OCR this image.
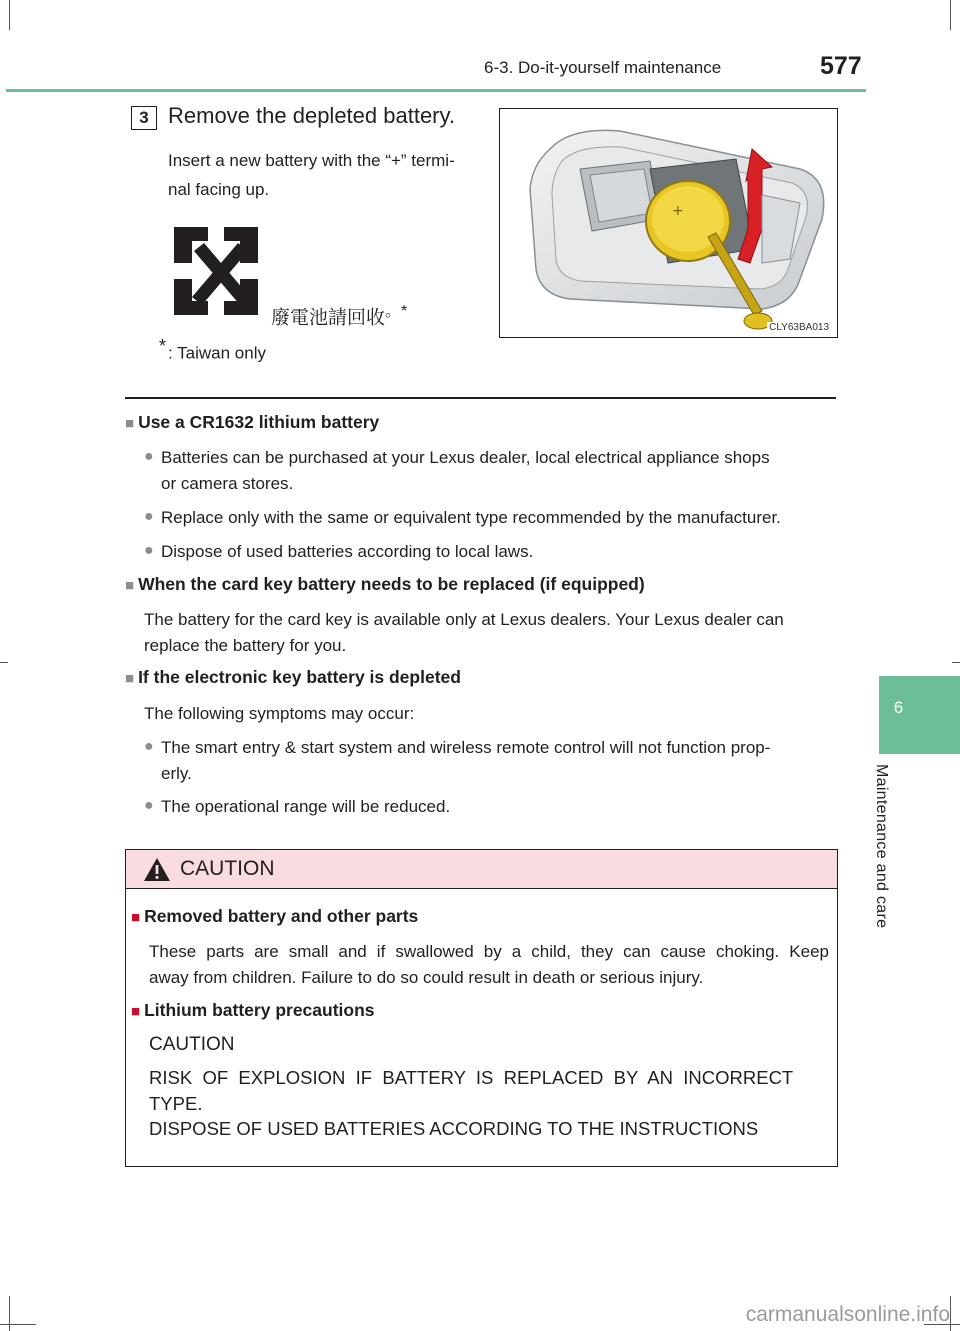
6-3. Do-it-yourself maintenance	577
6
Maintenance and care
3 Remove the depleted battery.
Insert a new battery with the “+” termi-
nal facing up.
廢電池請回收。*
* : Taiwan only
+
CLY63BA013
■ Use a CR1632 lithium battery
● Batteries can be purchased at your Lexus dealer, local electrical appliance shops
or camera stores.
● Replace only with the same or equivalent type recommended by the manufacturer.
● Dispose of used batteries according to local laws.
■ When the card key battery needs to be replaced (if equipped)
The battery for the card key is available only at Lexus dealers. Your Lexus dealer can
replace the battery for you.
■ If the electronic key battery is depleted
The following symptoms may occur:
● The smart entry & start system and wireless remote control will not function prop-
erly.
● The operational range will be reduced.
CAUTION
■ Removed battery and other parts
These parts are small and if swallowed by a child, they can cause choking. Keep
away from children. Failure to do so could result in death or serious injury.
■ Lithium battery precautions
CAUTION
RISK  OF  EXPLOSION  IF  BATTERY  IS  REPLACED  BY  AN  INCORRECT
TYPE.
DISPOSE OF USED BATTERIES ACCORDING TO THE INSTRUCTIONS
carmanualsonline.info
